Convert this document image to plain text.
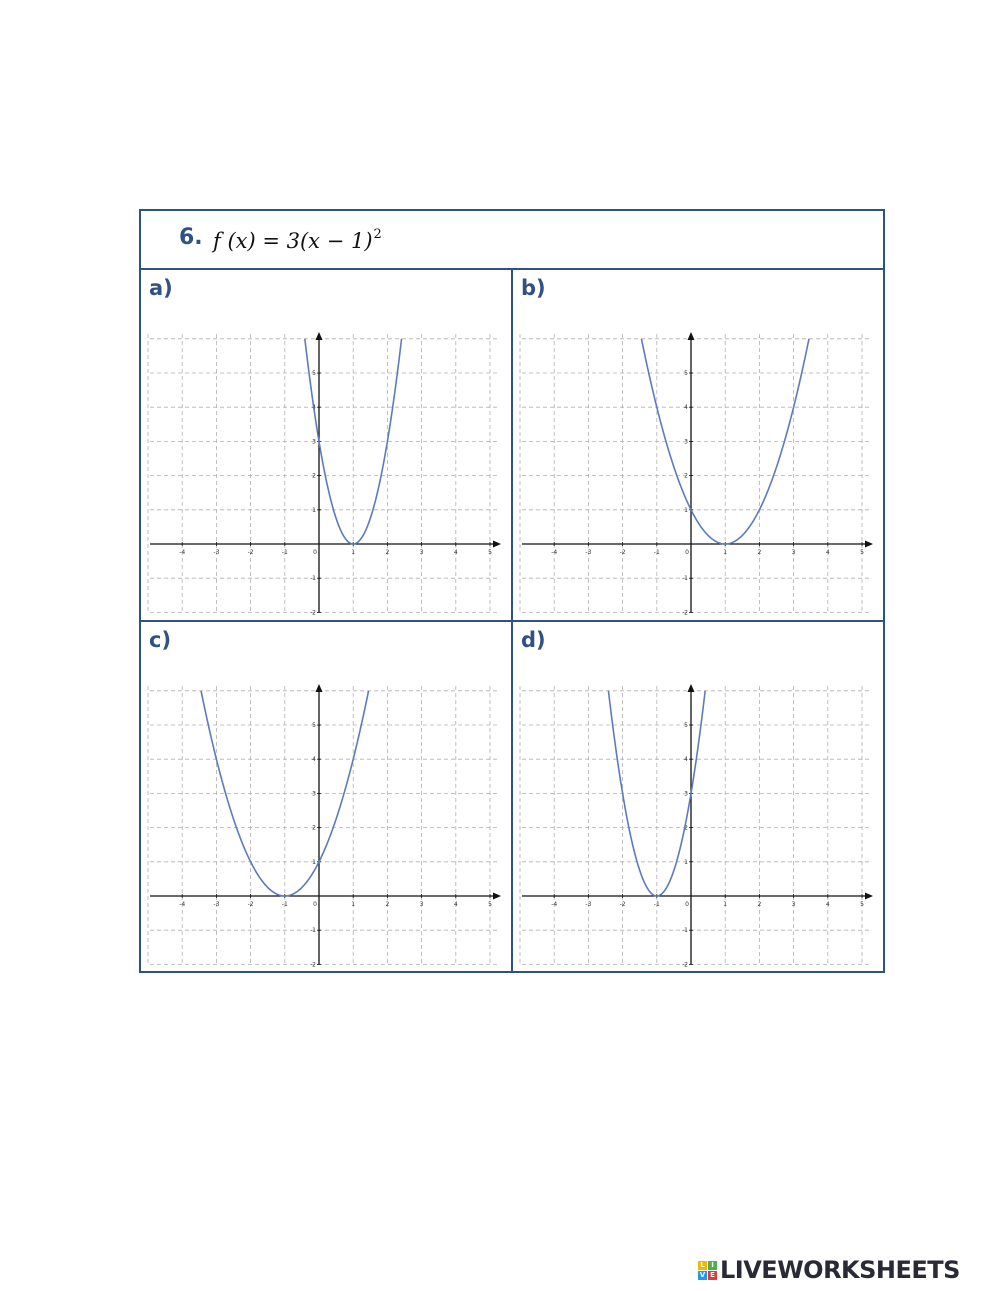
6. f $(x) = 3(x - 1)^2$
a)
-4	-3	-2	-1	0	1	2	3	4	5
-2
-1
1
2
3
4
5
b)
-4	-3	-2	-1	0	1	2	3	4	5
-2
-1
1
2
3
4
5
c)
-4	-3	-2	-1	0	1	2	3	4	5
-2
-1
1
2
3
4
5
d)
-4	-3	-2	-1	0	1	2	3	4	5
-2
-1
1
2
3
4
5
L I
V E LIVEWORKSHEETS
